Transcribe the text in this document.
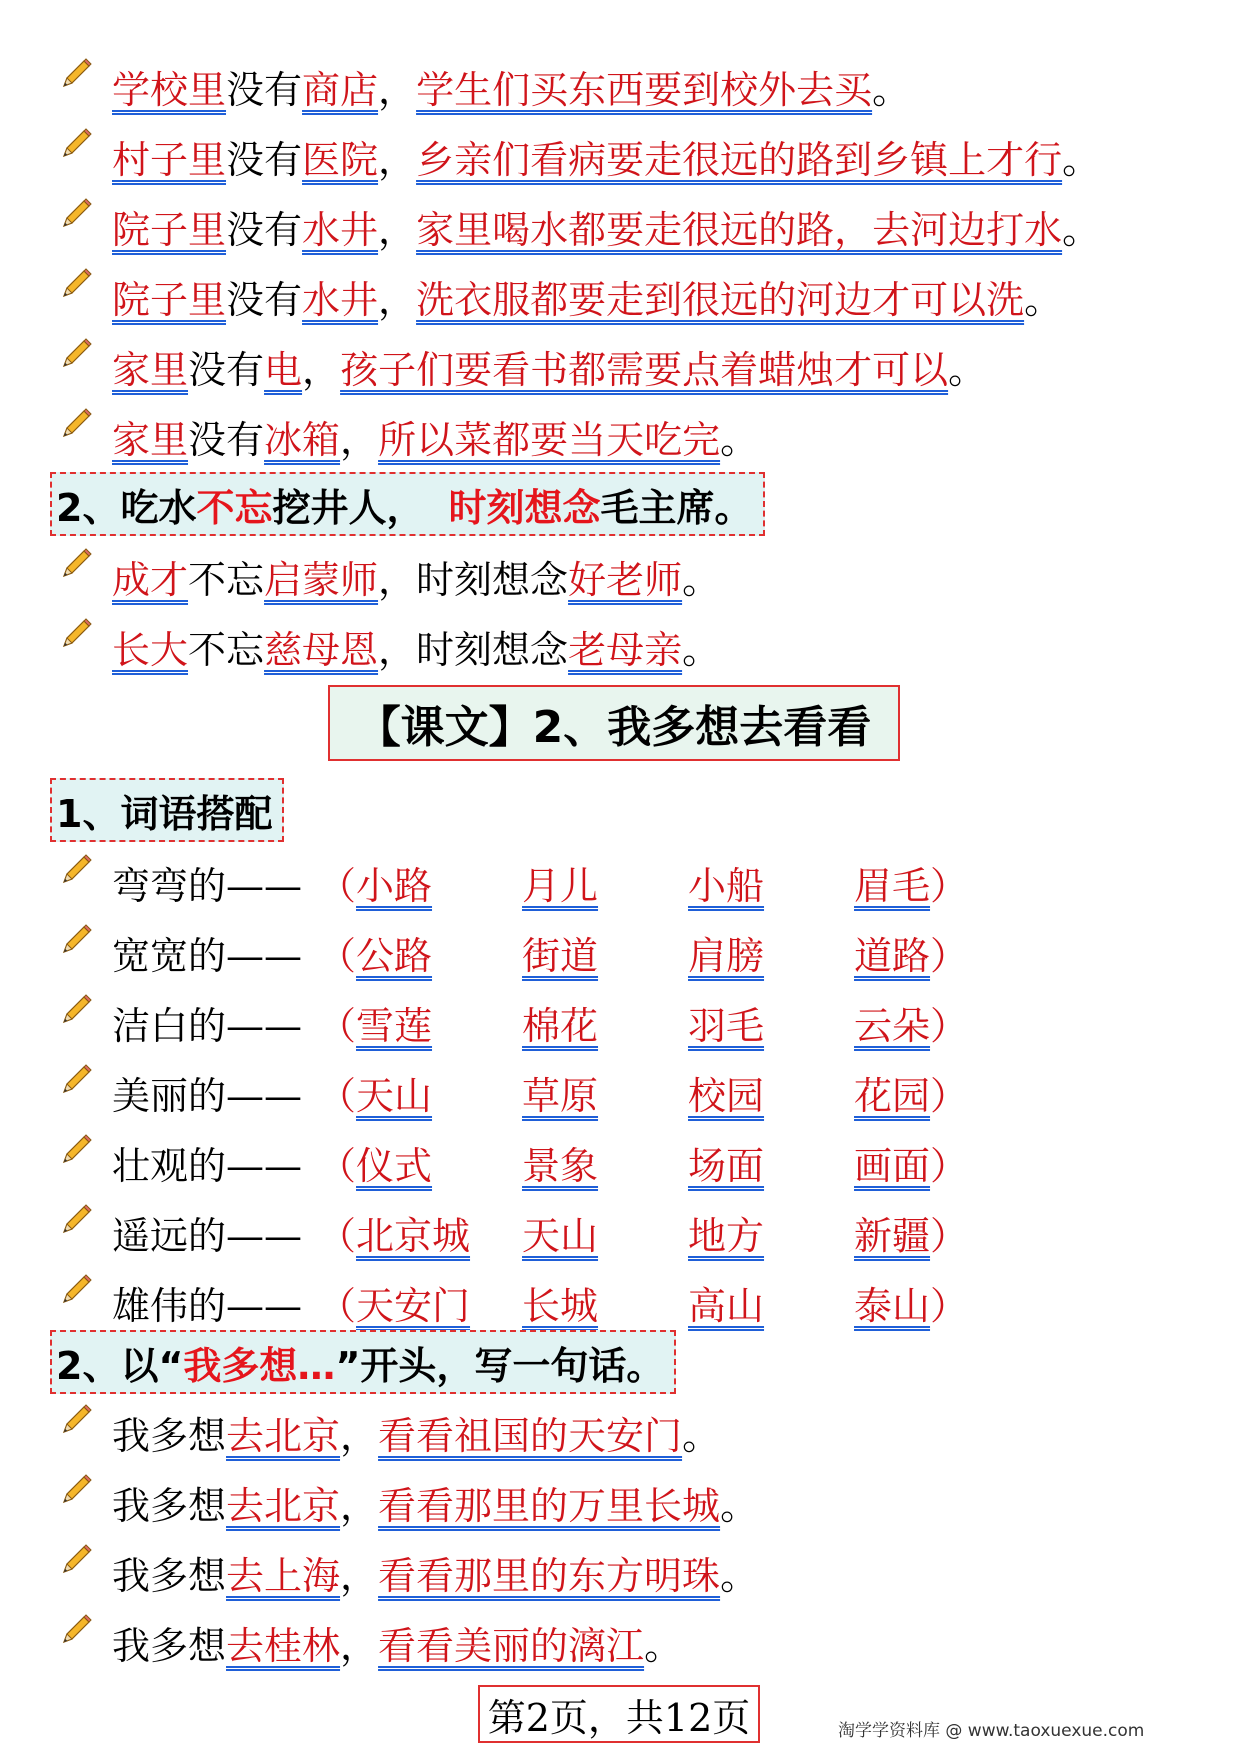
学校里 没有 商店 ， 学生们买东西要到校外去买 。
村子里 没有 医院 ， 乡亲们看病要走很远的路到乡镇上才行 。
院子里 没有 水井 ， 家里喝水都要走很远的路，去河边打水 。
院子里 没有 水井 ， 洗衣服都要走到很远的河边才可以洗 。
家里 没有 电 ， 孩子们要看书都需要点着蜡烛才可以 。
家里 没有 冰箱 ， 所以菜都要当天吃完 。
2、吃水 不忘 挖井人， 时刻想念 毛主席。
成才 不忘 启蒙师 ，时刻想念 好老师 。
长大 不忘 慈母恩 ，时刻想念 老母亲 。
【课文】2、我多想去看看
1、词语搭配
弯弯的—— （ 小路	月儿	小船	眉毛 ）
宽宽的—— （ 公路	街道	肩膀	道路 ）
洁白的—— （ 雪莲	棉花	羽毛	云朵 ）
美丽的—— （ 天山	草原	校园	花园 ）
壮观的—— （ 仪式	景象	场面	画面 ）
遥远的—— （ 北京城	天山	地方	新疆 ）
雄伟的—— （ 天安门	长城	高山	泰山 ）
2、以“ 我多想… ”开头，写一句话。
我多想 去北京 ， 看看祖国的天安门 。
我多想 去北京 ， 看看那里的万里长城 。
我多想 去上海 ， 看看那里的东方明珠 。
我多想 去桂林 ， 看看美丽的漓江 。
第2页，共12页	淘学学资料库 @ www.taoxuexue.com
